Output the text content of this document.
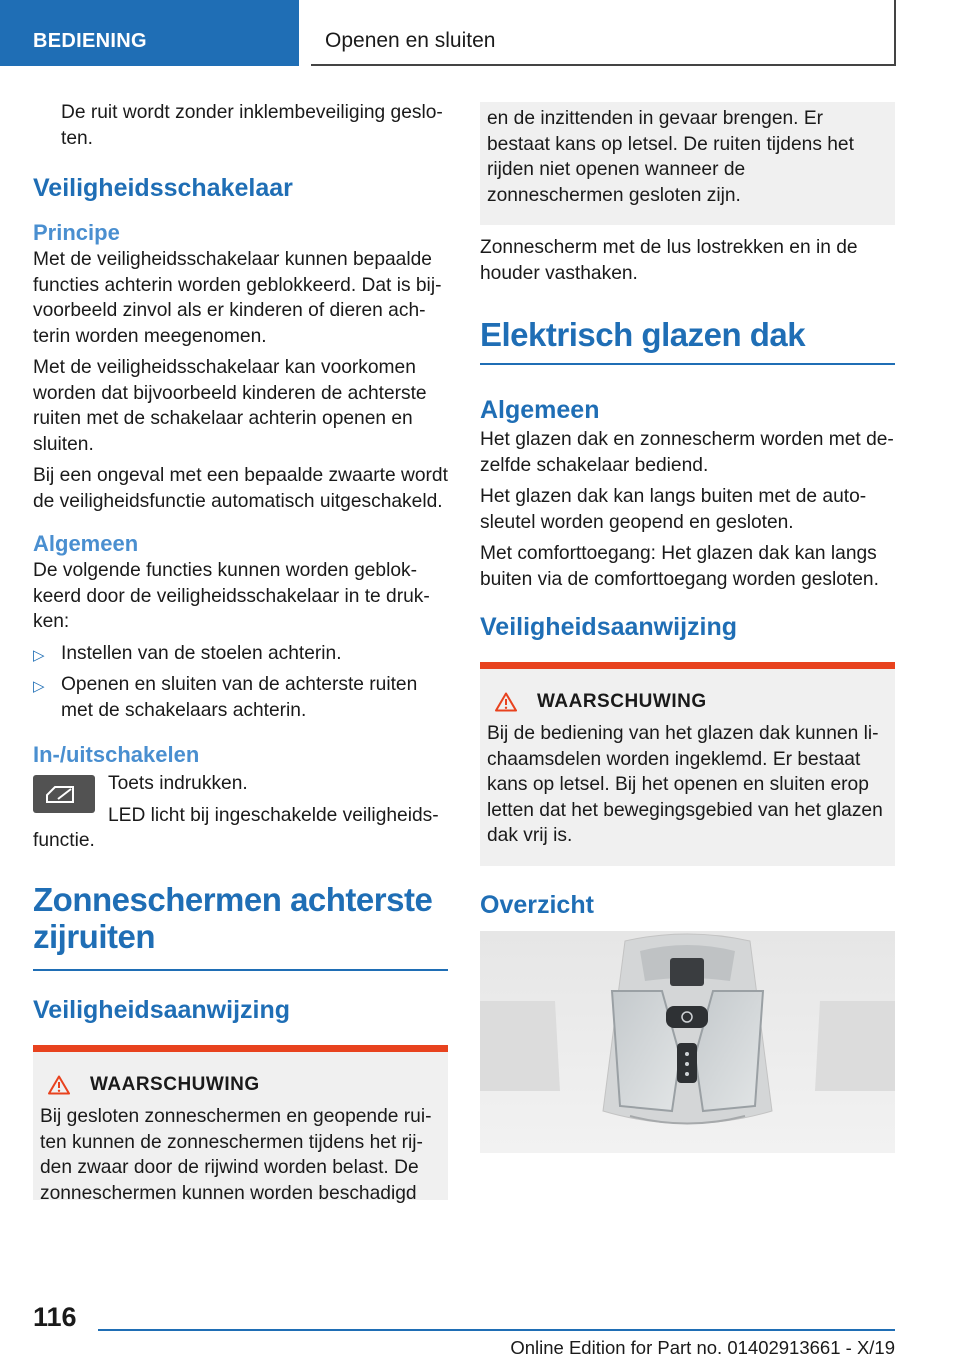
BEDIENING	Openen en sluiten

De ruit wordt zonder inklembeveiliging geslo-ten.

Veiligheidsschakelaar
Principe

Met de veiligheidsschakelaar kunnen bepaalde functies achterin worden geblokkeerd. Dat is bij-voorbeeld zinvol als er kinderen of dieren ach-terin worden meegenomen.

Met de veiligheidsschakelaar kan voorkomen worden dat bijvoorbeeld kinderen de achterste ruiten met de schakelaar achterin openen en sluiten.

Bij een ongeval met een bepaalde zwaarte wordt de veiligheidsfunctie automatisch uitgeschakeld.

Algemeen

De volgende functies kunnen worden geblok-keerd door de veiligheidsschakelaar in te druk-ken:

▷ Instellen van de stoelen achterin.
▷ Openen en sluiten van de achterste ruiten met de schakelaars achterin.
In-/uitschakelen

Toets indrukken.

LED licht bij ingeschakelde veiligheids-functie.

Zonneschermen achterste
zijruiten
Veiligheidsaanwijzing
WAARSCHUWING
Bij gesloten zonneschermen en geopende rui-ten kunnen de zonneschermen tijdens het rij-den zwaar door de rijwind worden belast. De zonneschermen kunnen worden beschadigd
en de inzittenden in gevaar brengen. Er bestaat kans op letsel. De ruiten tijdens het rijden niet openen wanneer de zonneschermen gesloten zijn.

Zonnescherm met de lus lostrekken en in de houder vasthaken.

Elektrisch glazen dak
Algemeen

Het glazen dak en zonnescherm worden met de-zelfde schakelaar bediend.

Het glazen dak kan langs buiten met de auto-sleutel worden geopend en gesloten.

Met comforttoegang: Het glazen dak kan langs buiten via de comforttoegang worden gesloten.

Veiligheidsaanwijzing
WAARSCHUWING
Bij de bediening van het glazen dak kunnen li-chaamsdelen worden ingeklemd. Er bestaat kans op letsel. Bij het openen en sluiten erop letten dat het bewegingsgebied van het glazen dak vrij is.
Overzicht
116
Online Edition for Part no. 01402913661 - X/19
